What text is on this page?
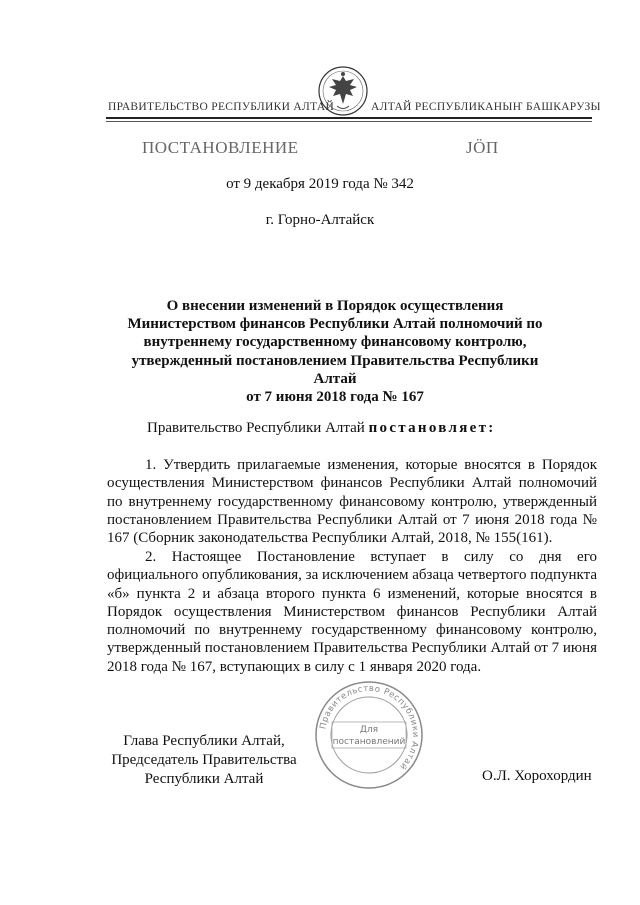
ПРАВИТЕЛЬСТВО РЕСПУБЛИКИ АЛТАЙ	АЛТАЙ РЕСПУБЛИКАНЫҤ БАШКАРУЗЫ
ПОСТАНОВЛЕНИЕ	JÖП
от 9 декабря 2019 года № 342
г. Горно-Алтайск
О внесении изменений в Порядок осуществления
Министерством финансов Республики Алтай полномочий по
внутреннему государственному финансовому контролю,
утвержденный постановлением Правительства Республики Алтай
от 7 июня 2018 года № 167
Правительство Республики Алтай постановляет:
1. Утвердить прилагаемые изменения, которые вносятся в Порядок осуществления Министерством финансов Республики Алтай полномочий по внутреннему государственному финансовому контролю, утвержденный постановлением Правительства Республики Алтай от 7 июня 2018 года № 167 (Сборник законодательства Республики Алтай, 2018, № 155(161).
2. Настоящее Постановление вступает в силу со дня его официального опубликования, за исключением абзаца четвертого подпункта «б» пункта 2 и абзаца второго пункта 6 изменений, которые вносятся в Порядок осуществления Министерством финансов Республики Алтай полномочий по внутреннему государственному финансовому контролю, утвержденный постановлением Правительства Республики Алтай от 7 июня 2018 года № 167, вступающих в силу с 1 января 2020 года.
Глава Республики Алтай,
Председатель Правительства
Республики Алтай
Правительство Республики Алтай
Для
постановлений
О.Л. Хорохордин
